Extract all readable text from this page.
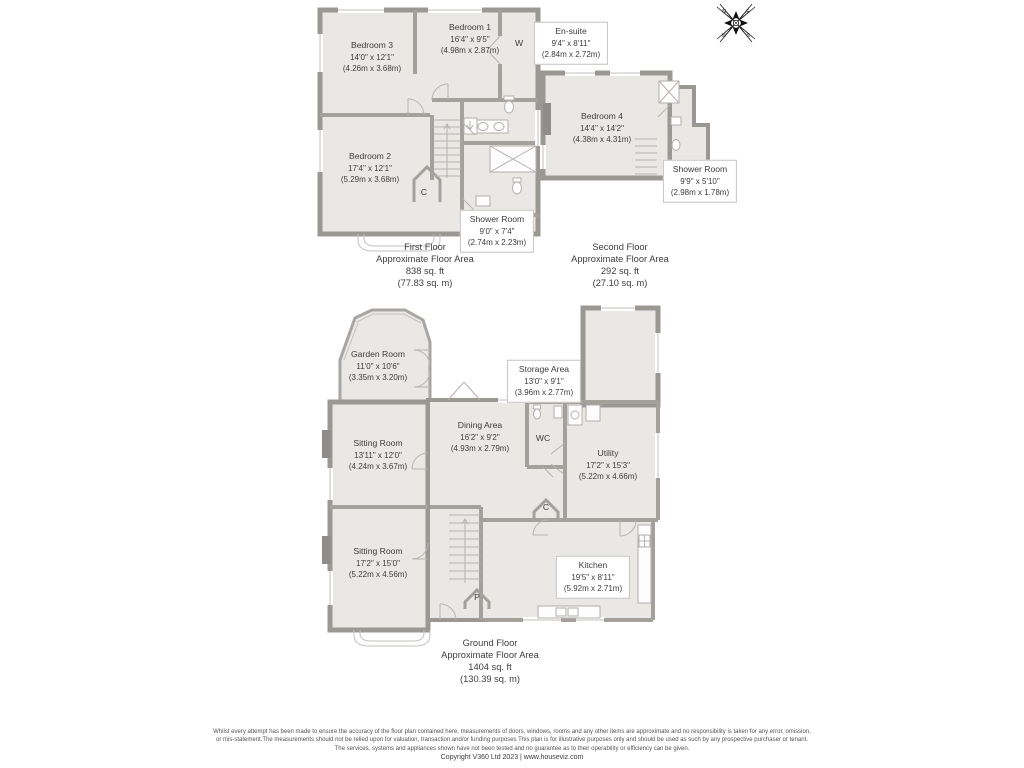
N	E
S
W
Bedroom 3
14'0" x 12'1"
(4.26m x 3.68m)
Bedroom 1
16'4" x 9'5"
(4.98m x 2.87m)
Bedroom 2
17'4" x 12'1"
(5.29m x 3.68m)
En-suite
9'4" x 8'11"
(2.84m x 2.72m)
Shower Room
9'0" x 7'4"
(2.74m x 2.23m)
W
C
First Floor
Approximate Floor Area
838 sq. ft
(77.83 sq. m)
Bedroom 4
14'4" x 14'2"
(4.38m x 4.31m)
Shower Room
9'9" x 5'10"
(2.98m x 1.78m)
Second Floor
Approximate Floor Area
292 sq. ft
(27.10 sq. m)
Garden Room
11'0" x 10'6"
(3.35m x 3.20m)
Sitting Room
13'11" x 12'0"
(4.24m x 3.67m)
Dining Area
16'2" x 9'2"
(4.93m x 2.79m)
Storage Area
13'0" x 9'1"
(3.96m x 2.77m)
Utility
17'2" x 15'3"
(5.22m x 4.66m)
Sitting Room
17'2" x 15'0"
(5.22m x 4.56m)
Kitchen
19'5" x 8'11"
(5.92m x 2.71m)
WC
C
P
Ground Floor
Approximate Floor Area
1404 sq. ft
(130.39 sq. m)
Whilst every attempt has been made to ensure the accuracy of the floor plan contained here, measurements of doors, windows, rooms and any other items are approximate and no responsibility is taken for any error, omission,
or mis-statement.The measurements should not be relied upon for valuation, transaction and/or funding purposes This plan is for illustrative purposes only and should be used as such by any prospective purchaser or tenant.
The services, systems and appliances shown have not been tested and no guarantee as to their operability or efficiency can be given.
Copyright V360 Ltd 2023 | www.houseviz.com
